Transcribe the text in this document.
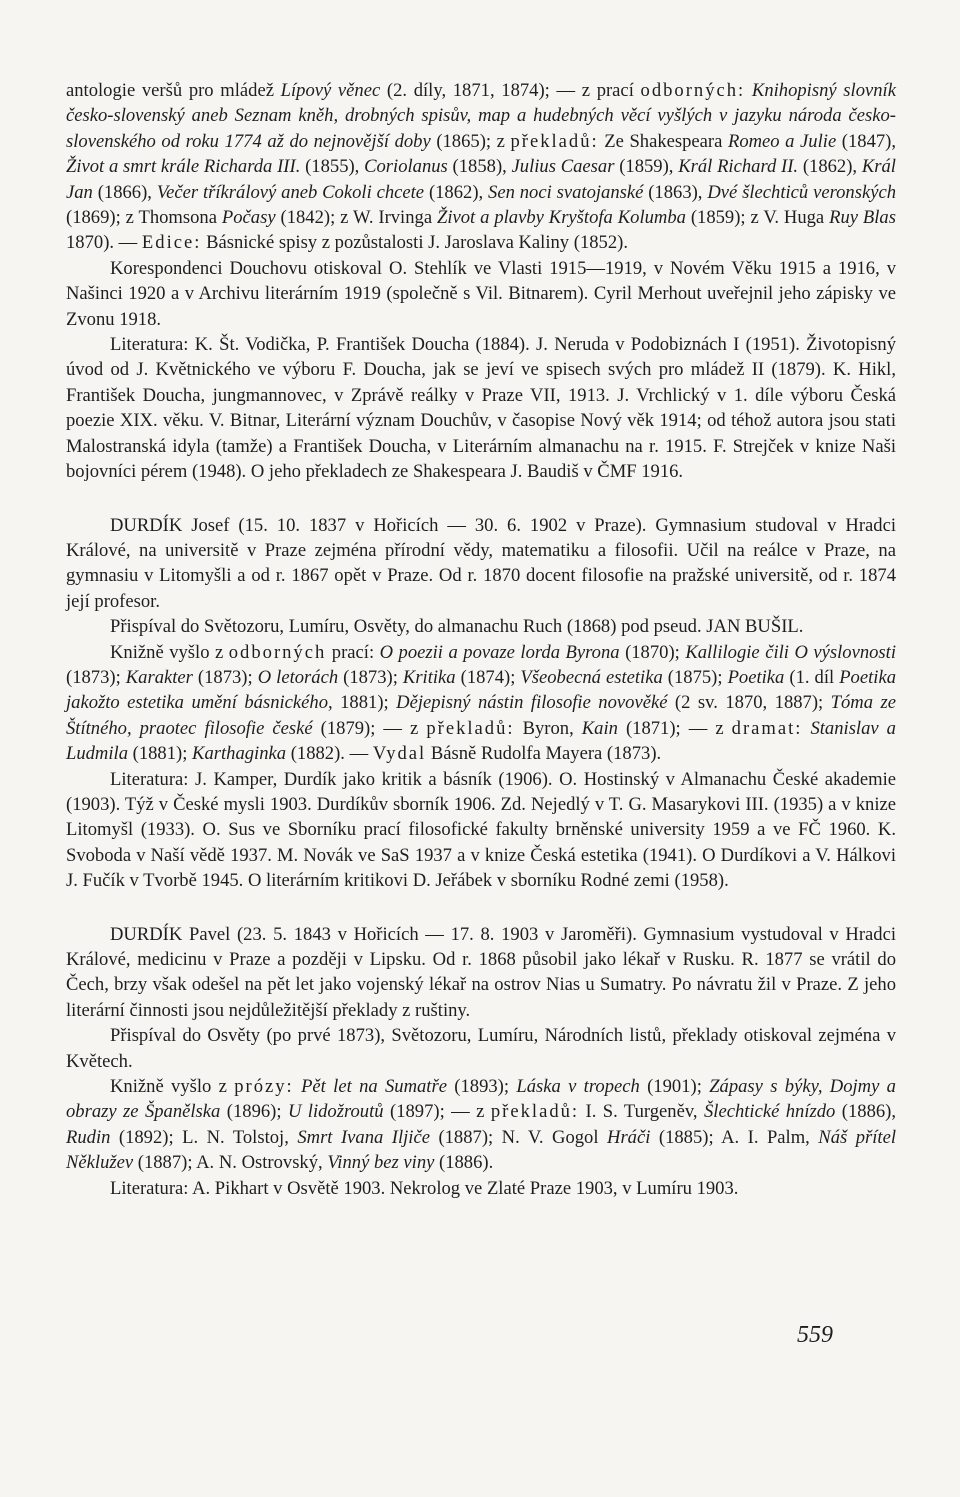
antologie veršů pro mládež Lípový věnec (2. díly, 1871, 1874); — z prací odborných: Knihopisný slovník česko-slovenský aneb Seznam kněh, drobných spisův, map a hudebných věcí vyšlých v jazyku národa česko-slovenského od roku 1774 až do nejnovější doby (1865); z překladů: Ze Shakespeara Romeo a Julie (1847), Život a smrt krále Richarda III. (1855), Coriolanus (1858), Julius Caesar (1859), Král Richard II. (1862), Král Jan (1866), Večer tříkrálový aneb Cokoli chcete (1862), Sen noci svatojanské (1863), Dvé šlechticů veronských (1869); z Thomsona Počasy (1842); z W. Irvinga Život a plavby Kryštofa Kolumba (1859); z V. Huga Ruy Blas 1870). — Edice: Básnické spisy z pozůstalosti J. Jaroslava Kaliny (1852).

Korespondenci Douchovu otiskoval O. Stehlík ve Vlasti 1915—1919, v Novém Věku 1915 a 1916, v Našinci 1920 a v Archivu literárním 1919 (společně s Vil. Bitnarem). Cyril Merhout uveřejnil jeho zápisky ve Zvonu 1918.

Literatura: K. Št. Vodička, P. František Doucha (1884). J. Neruda v Podobiznách I (1951). Životopisný úvod od J. Květnického ve výboru F. Doucha, jak se jeví ve spisech svých pro mládež II (1879). K. Hikl, František Doucha, jungmannovec, v Zprávě reálky v Praze VII, 1913. J. Vrchlický v 1. díle výboru Česká poezie XIX. věku. V. Bitnar, Literární význam Douchův, v časopise Nový věk 1914; od téhož autora jsou stati Malostranská idyla (tamže) a František Doucha, v Literárním almanachu na r. 1915. F. Strejček v knize Naši bojovníci pérem (1948). O jeho překladech ze Shakespeara J. Baudiš v ČMF 1916.

DURDÍK Josef (15. 10. 1837 v Hořicích — 30. 6. 1902 v Praze). Gymnasium studoval v Hradci Králové, na universitě v Praze zejména přírodní vědy, matematiku a filosofii. Učil na reálce v Praze, na gymnasiu v Litomyšli a od r. 1867 opět v Praze. Od r. 1870 docent filosofie na pražské universitě, od r. 1874 její profesor.

Přispíval do Světozoru, Lumíru, Osvěty, do almanachu Ruch (1868) pod pseud. JAN BUŠIL.

Knižně vyšlo z odborných prací: O poezii a povaze lorda Byrona (1870); Kallilogie čili O výslovnosti (1873); Karakter (1873); O letorách (1873); Kritika (1874); Všeobecná estetika (1875); Poetika (1. díl Poetika jakožto estetika umění básnického, 1881); Dějepisný nástin filosofie novověké (2 sv. 1870, 1887); Tóma ze Štítného, praotec filosofie české (1879); — z překladů: Byron, Kain (1871); — z dramat: Stanislav a Ludmila (1881); Karthaginka (1882). — Vydal Básně Rudolfa Mayera (1873).

Literatura: J. Kamper, Durdík jako kritik a básník (1906). O. Hostinský v Almanachu České akademie (1903). Týž v České mysli 1903. Durdíkův sborník 1906. Zd. Nejedlý v T. G. Masarykovi III. (1935) a v knize Litomyšl (1933). O. Sus ve Sborníku prací filosofické fakulty brněnské university 1959 a ve FČ 1960. K. Svoboda v Naší vědě 1937. M. Novák ve SaS 1937 a v knize Česká estetika (1941). O Durdíkovi a V. Hálkovi J. Fučík v Tvorbě 1945. O literárním kritikovi D. Jeřábek v sborníku Rodné zemi (1958).

DURDÍK Pavel (23. 5. 1843 v Hořicích — 17. 8. 1903 v Jaroměři). Gymnasium vystudoval v Hradci Králové, medicinu v Praze a později v Lipsku. Od r. 1868 působil jako lékař v Rusku. R. 1877 se vrátil do Čech, brzy však odešel na pět let jako vojenský lékař na ostrov Nias u Sumatry. Po návratu žil v Praze. Z jeho literární činnosti jsou nejdůležitější překlady z ruštiny.

Přispíval do Osvěty (po prvé 1873), Světozoru, Lumíru, Národních listů, překlady otiskoval zejména v Květech.

Knižně vyšlo z prózy: Pět let na Sumatře (1893); Láska v tropech (1901); Zápasy s býky, Dojmy a obrazy ze Španělska (1896); U lidožroutů (1897); — z překladů: I. S. Turgeněv, Šlechtické hnízdo (1886), Rudin (1892); L. N. Tolstoj, Smrt Ivana Iljiče (1887); N. V. Gogol Hráči (1885); A. I. Palm, Náš přítel Něklužev (1887); A. N. Ostrovský, Vinný bez viny (1886).

Literatura: A. Pikhart v Osvětě 1903. Nekrolog ve Zlaté Praze 1903, v Lumíru 1903.

559
